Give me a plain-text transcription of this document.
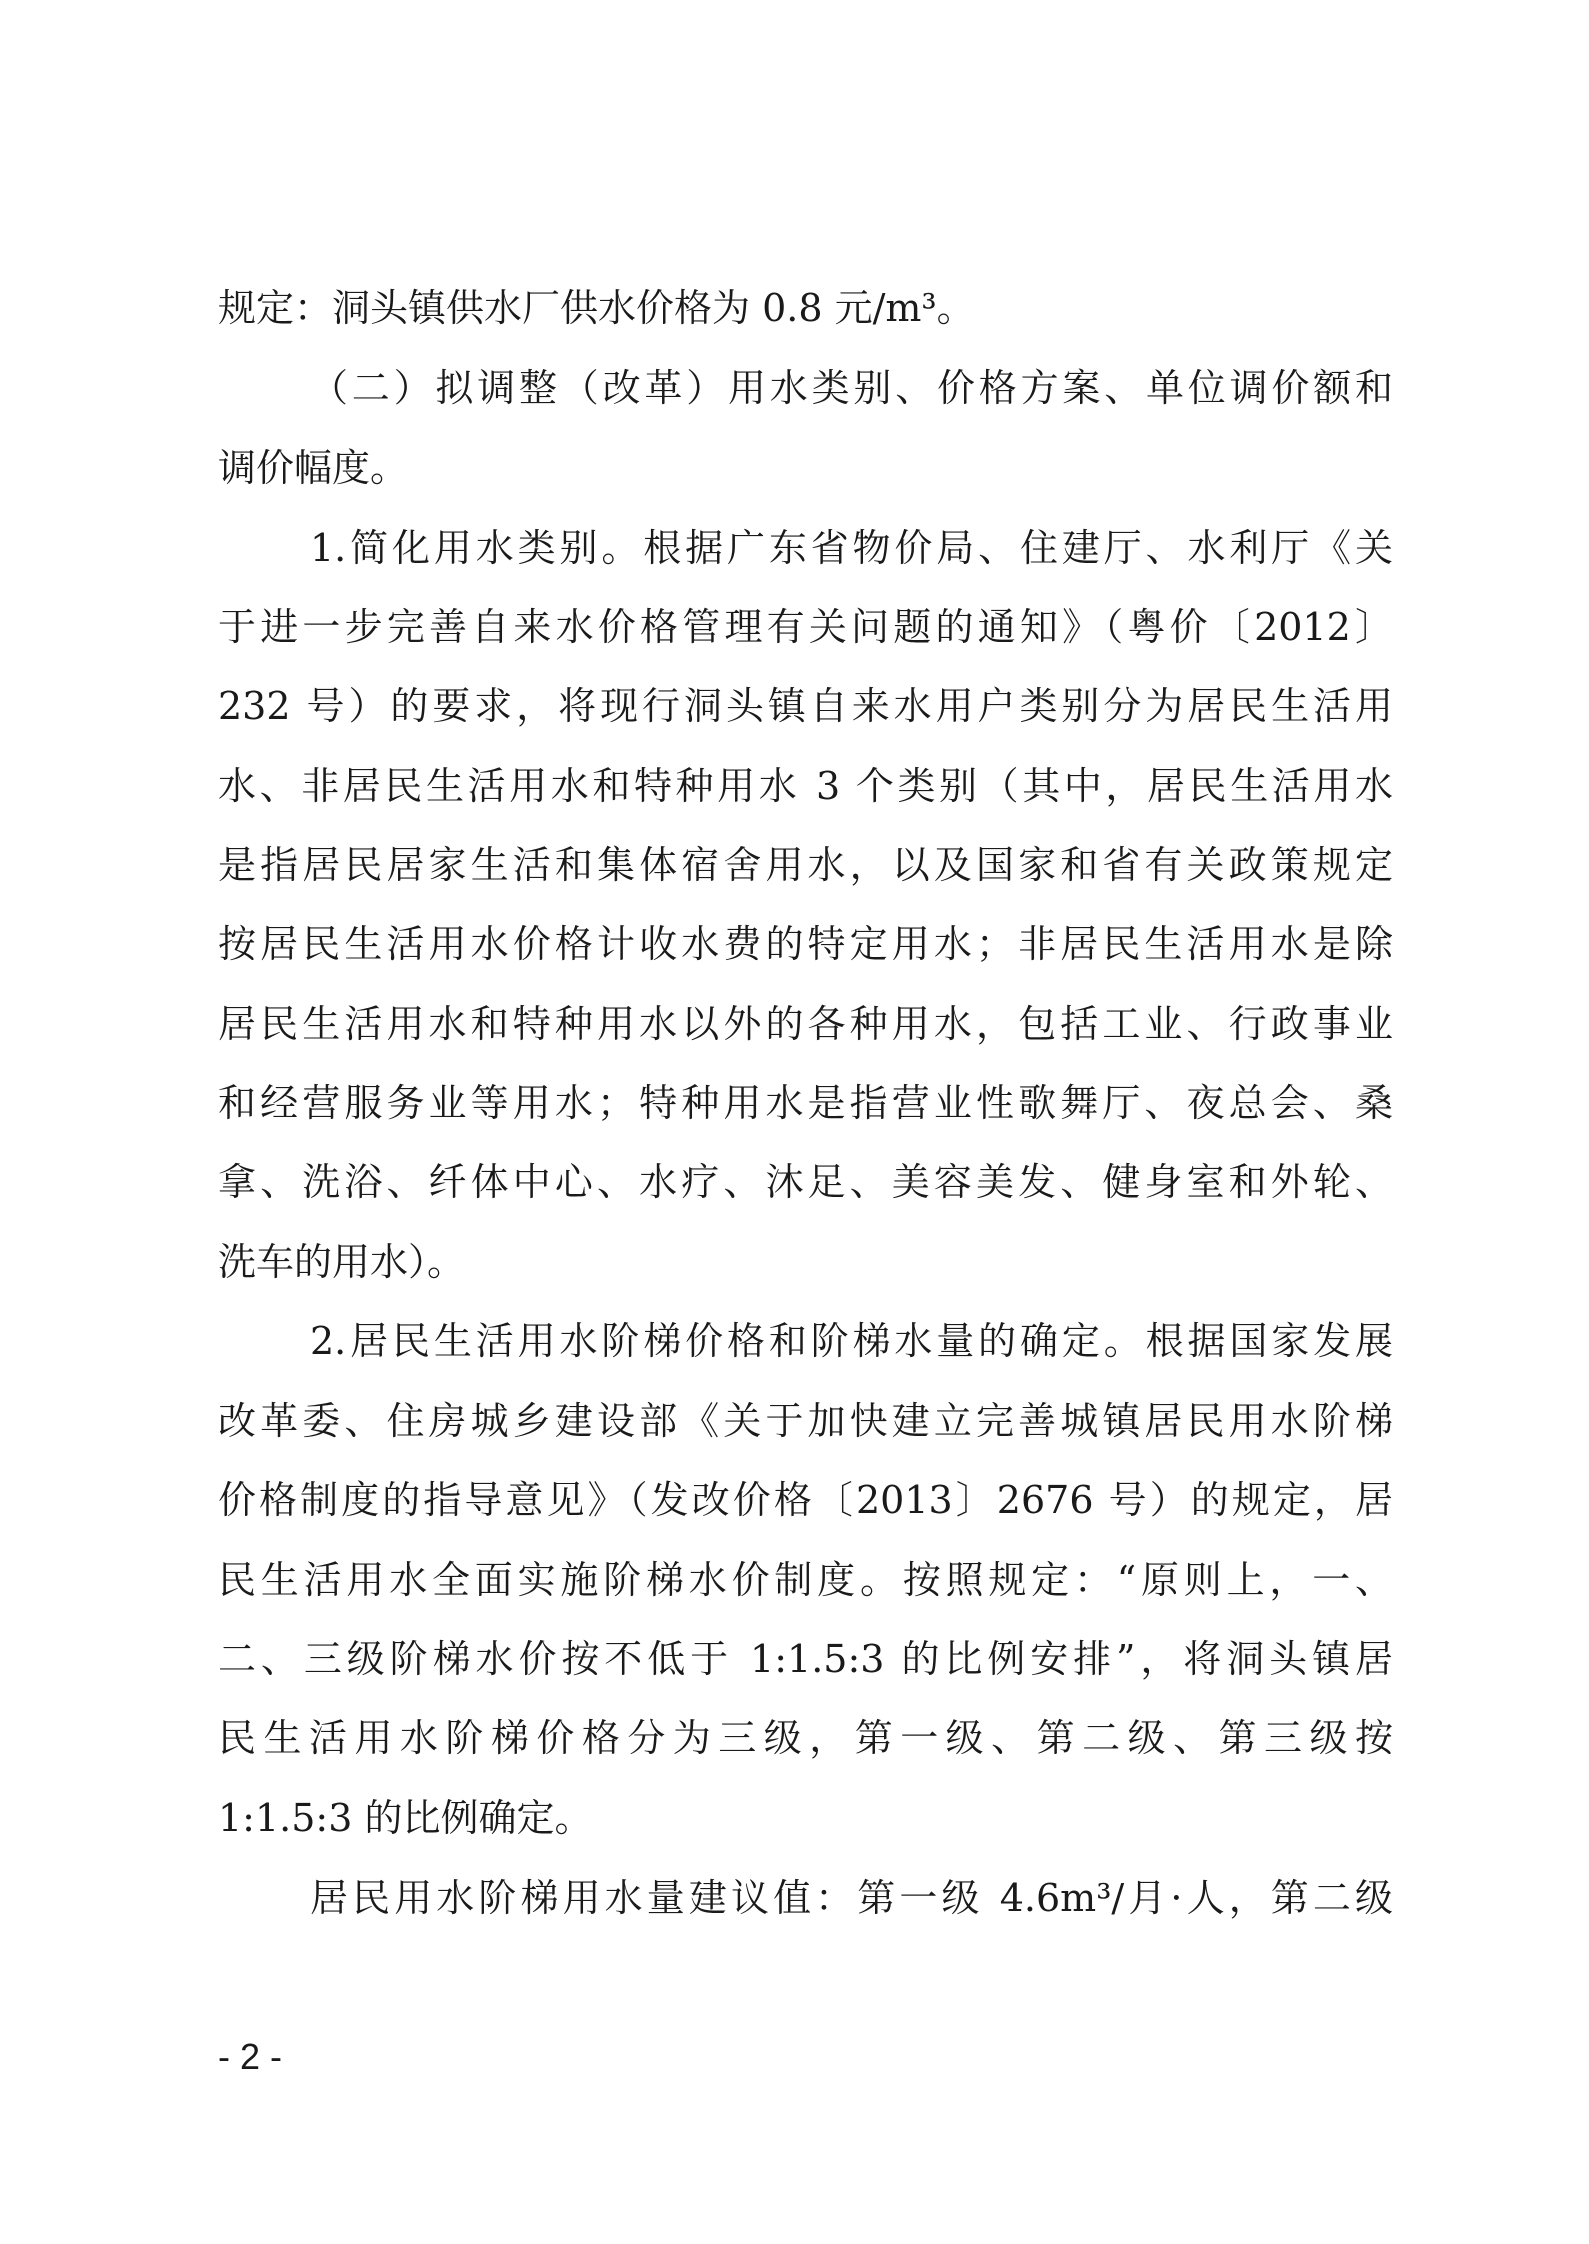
规定：洞头镇供水厂供水价格为 0.8 元/m³。
（二）拟调整（改革）用水类别、价格方案、单位调价额和
调价幅度。
1.简化用水类别。根据广东省物价局、住建厅、水利厅《关
于进一步完善自来水价格管理有关问题的通知》（粤价〔2012〕
232 号）的要求，将现行洞头镇自来水用户类别分为居民生活用
水、非居民生活用水和特种用水 3 个类别（其中，居民生活用水
是指居民居家生活和集体宿舍用水，以及国家和省有关政策规定
按居民生活用水价格计收水费的特定用水；非居民生活用水是除
居民生活用水和特种用水以外的各种用水，包括工业、行政事业
和经营服务业等用水；特种用水是指营业性歌舞厅、夜总会、桑
拿、洗浴、纤体中心、水疗、沐足、美容美发、健身室和外轮、
洗车的用水）。
2.居民生活用水阶梯价格和阶梯水量的确定。根据国家发展
改革委、住房城乡建设部《关于加快建立完善城镇居民用水阶梯
价格制度的指导意见》（发改价格〔2013〕2676 号）的规定，居
民生活用水全面实施阶梯水价制度。按照规定：“原则上，一、
二、三级阶梯水价按不低于 1:1.5:3 的比例安排”，将洞头镇居
民生活用水阶梯价格分为三级，第一级、第二级、第三级按
1:1.5:3 的比例确定。
居民用水阶梯用水量建议值：第一级 4.6m³/月·人，第二级
- 2 -
